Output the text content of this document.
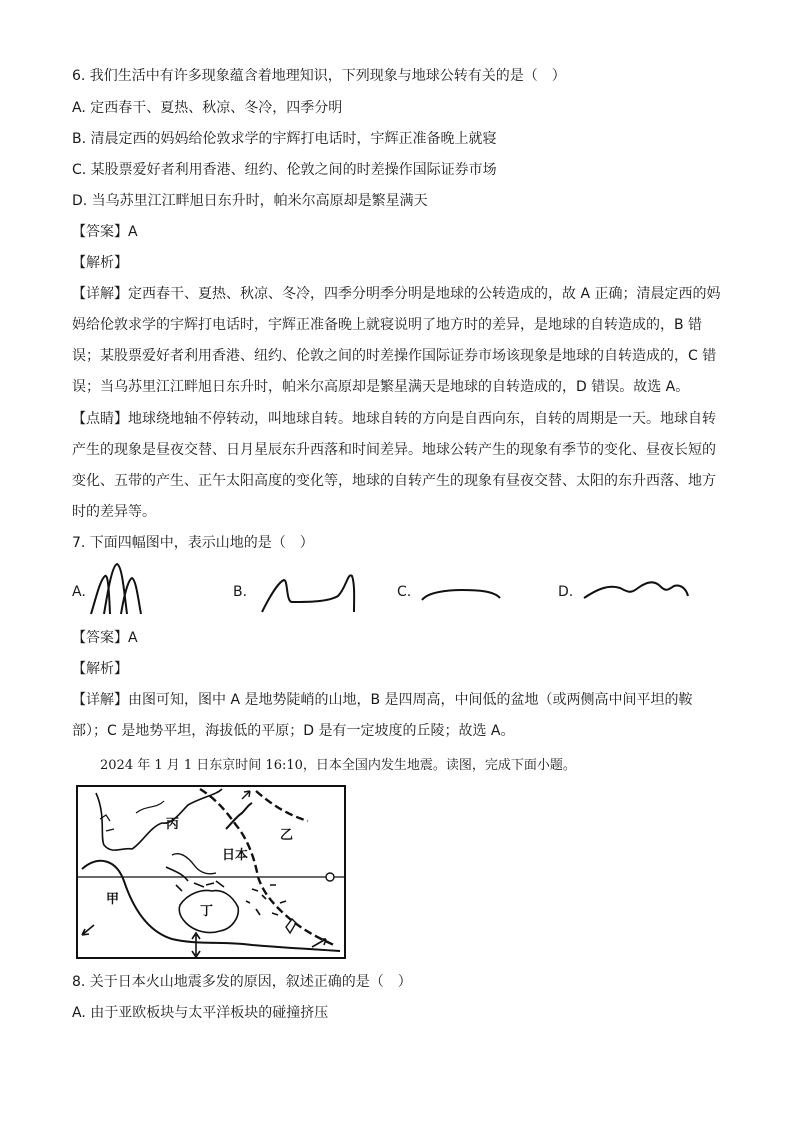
6. 我们生活中有许多现象蕴含着地理知识，下列现象与地球公转有关的是（　）
A. 定西春干、夏热、秋凉、冬冷，四季分明
B. 清晨定西的妈妈给伦敦求学的宇辉打电话时，宇辉正准备晚上就寝
C. 某股票爱好者利用香港、纽约、伦敦之间的时差操作国际证券市场
D. 当乌苏里江江畔旭日东升时，帕米尔高原却是繁星满天
【答案】A
【解析】
【详解】定西春干、夏热、秋凉、冬冷，四季分明季分明是地球的公转造成的，故 A 正确；清晨定西的妈
妈给伦敦求学的宇辉打电话时，宇辉正准备晚上就寝说明了地方时的差异，是地球的自转造成的，B 错
误；某股票爱好者利用香港、纽约、伦敦之间的时差操作国际证券市场该现象是地球的自转造成的，C 错
误；当乌苏里江江畔旭日东升时，帕米尔高原却是繁星满天是地球的自转造成的，D 错误。故选 A。
【点睛】地球绕地轴不停转动，叫地球自转。地球自转的方向是自西向东，自转的周期是一天。地球自转
产生的现象是昼夜交替、日月星辰东升西落和时间差异。地球公转产生的现象有季节的变化、昼夜长短的
变化、五带的产生、正午太阳高度的变化等，地球的自转产生的现象有昼夜交替、太阳的东升西落、地方
时的差异等。
7. 下面四幅图中，表示山地的是（　）
A.	B.	C.	D.
【答案】A
【解析】
【详解】由图可知，图中 A 是地势陡峭的山地，B 是四周高，中间低的盆地（或两侧高中间平坦的鞍
部）；C 是地势平坦，海拔低的平原；D 是有一定坡度的丘陵；故选 A。
2024 年 1 月 1 日东京时间 16:10，日本全国内发生地震。读图，完成下面小题。
丙
乙
日本
甲
丁
8. 关于日本火山地震多发的原因，叙述正确的是（　）
A. 由于亚欧板块与太平洋板块的碰撞挤压
